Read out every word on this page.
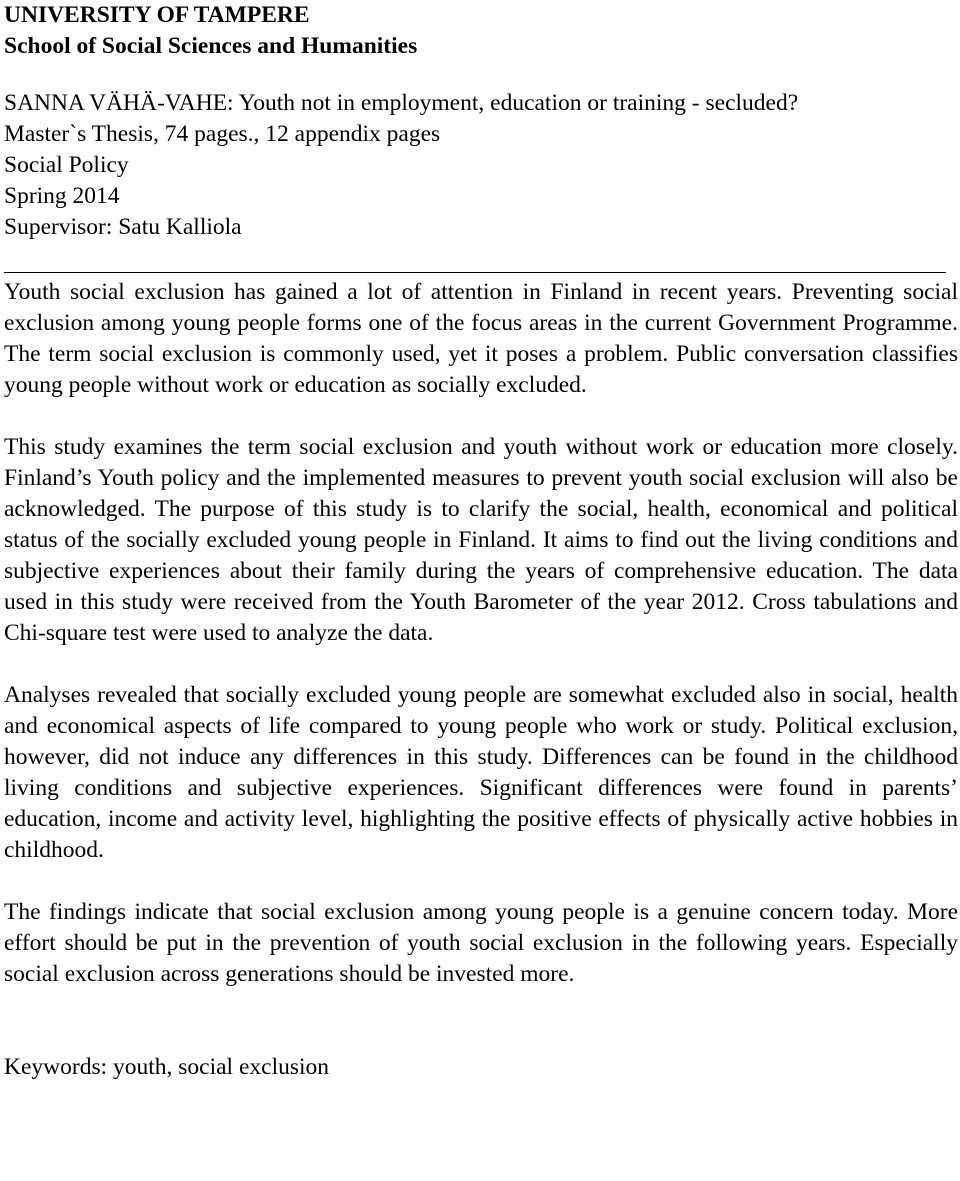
UNIVERSITY OF TAMPERE

School of Social Sciences and Humanities

SANNA VÄHÄ-VAHE: Youth not in employment, education or training - secluded?

Master`s Thesis, 74 pages., 12 appendix pages

Social Policy

Spring 2014

Supervisor: Satu Kalliola

Youth social exclusion has gained a lot of attention in Finland in recent years. Preventing social exclusion among young people forms one of the focus areas in the current Government Programme. The term social exclusion is commonly used, yet it poses a problem. Public conversation classifies young people without work or education as socially excluded.

This study examines the term social exclusion and youth without work or education more closely. Finland’s Youth policy and the implemented measures to prevent youth social exclusion will also be acknowledged. The purpose of this study is to clarify the social, health, economical and political status of the socially excluded young people in Finland. It aims to find out the living conditions and subjective experiences about their family during the years of comprehensive education. The data used in this study were received from the Youth Barometer of the year 2012. Cross tabulations and Chi-square test were used to analyze the data.

Analyses revealed that socially excluded young people are somewhat excluded also in social, health and economical aspects of life compared to young people who work or study. Political exclusion, however, did not induce any differences in this study. Differences can be found in the childhood living conditions and subjective experiences. Significant differences were found in parents’ education, income and activity level, highlighting the positive effects of physically active hobbies in childhood.

The findings indicate that social exclusion among young people is a genuine concern today. More effort should be put in the prevention of youth social exclusion in the following years. Especially social exclusion across generations should be invested more.

Keywords: youth, social exclusion
